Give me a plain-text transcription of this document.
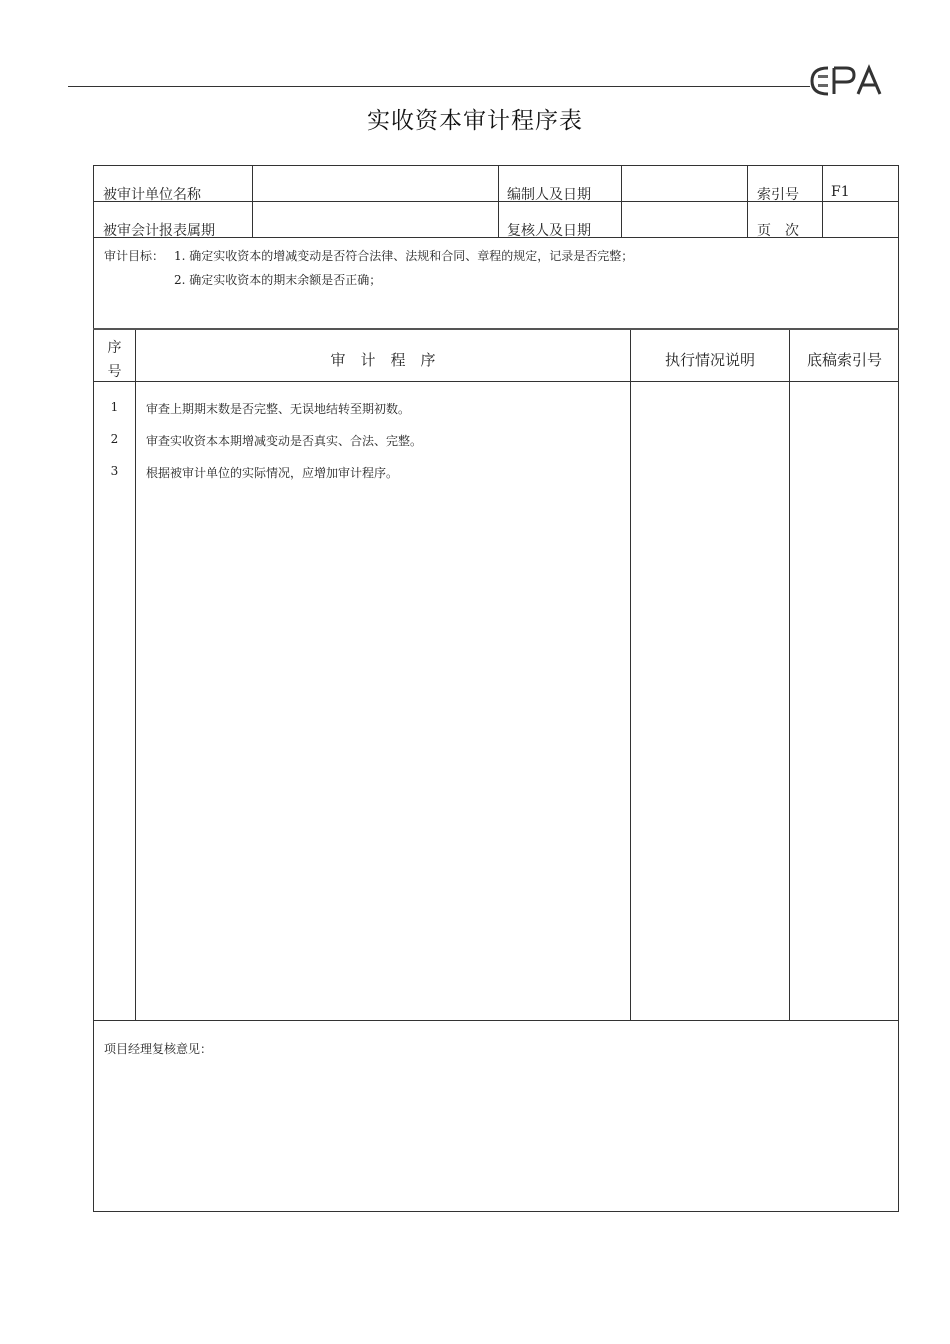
实收资本审计程序表
被审计单位名称	编制人及日期	索引号 F1
被审会计报表属期	复核人及日期	页　次
审计目标： 1. 确定实收资本的增减变动是否符合法律、法规和合同、章程的规定，记录是否完整；
2. 确定实收资本的期末余额是否正确；
序
号
审　计　程　序	执行情况说明	底稿索引号
1	审查上期期末数是否完整、无误地结转至期初数。
2	审查实收资本本期增减变动是否真实、合法、完整。
3	根据被审计单位的实际情况，应增加审计程序。
项目经理复核意见：
